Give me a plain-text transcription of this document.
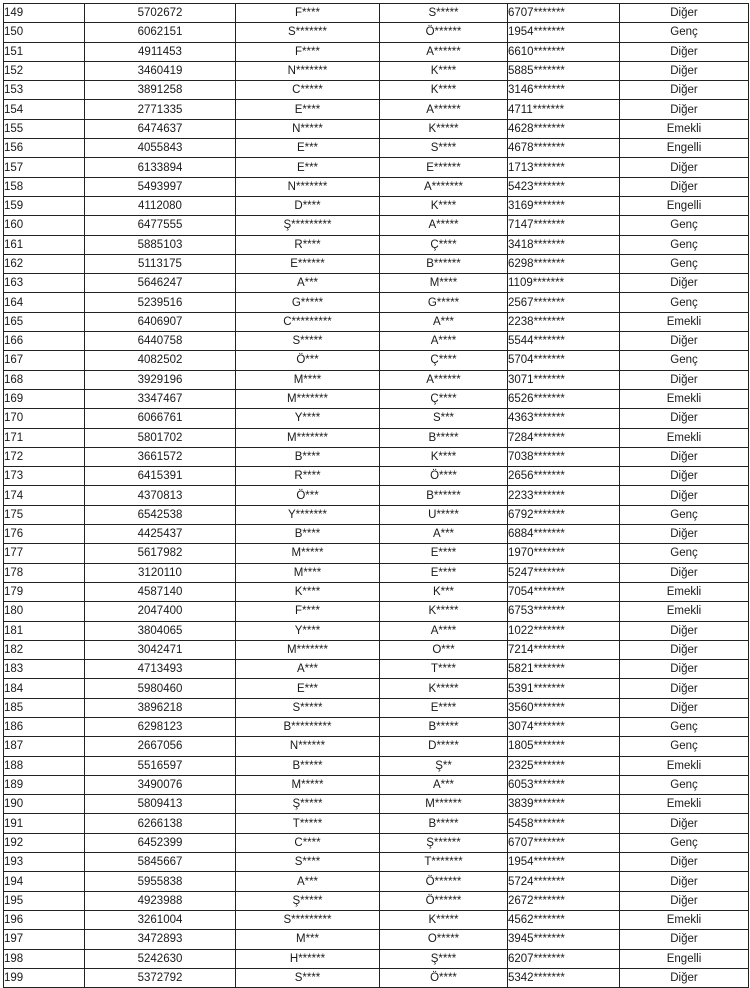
149	5702672	F****	S*****	6707*******	Diğer
150	6062151	S*******	Ö******	1954*******	Genç
151	4911453	F****	A******	6610*******	Diğer
152	3460419	N*******	K****	5885*******	Diğer
153	3891258	C*****	K****	3146*******	Diğer
154	2771335	E****	A******	4711*******	Diğer
155	6474637	N*****	K*****	4628*******	Emekli
156	4055843	E***	S****	4678*******	Engelli
157	6133894	E***	E******	1713*******	Diğer
158	5493997	N*******	A*******	5423*******	Diğer
159	4112080	D****	K****	3169*******	Engelli
160	6477555	Ş*********	A*****	7147*******	Genç
161	5885103	R****	Ç****	3418*******	Genç
162	5113175	E******	B******	6298*******	Genç
163	5646247	A***	M****	1109*******	Diğer
164	5239516	G*****	G*****	2567*******	Genç
165	6406907	C*********	A***	2238*******	Emekli
166	6440758	S*****	A****	5544*******	Diğer
167	4082502	Ö***	Ç****	5704*******	Genç
168	3929196	M****	A******	3071*******	Diğer
169	3347467	M*******	Ç****	6526*******	Emekli
170	6066761	Y****	S***	4363*******	Diğer
171	5801702	M*******	B*****	7284*******	Emekli
172	3661572	B****	K****	7038*******	Diğer
173	6415391	R****	Ö****	2656*******	Diğer
174	4370813	Ö***	B******	2233*******	Diğer
175	6542538	Y*******	U*****	6792*******	Genç
176	4425437	B****	A***	6884*******	Diğer
177	5617982	M*****	E****	1970*******	Genç
178	3120110	M****	E****	5247*******	Diğer
179	4587140	K****	K***	7054*******	Emekli
180	2047400	F****	K*****	6753*******	Emekli
181	3804065	Y****	A****	1022*******	Diğer
182	3042471	M*******	O***	7214*******	Diğer
183	4713493	A***	T****	5821*******	Diğer
184	5980460	E***	K*****	5391*******	Diğer
185	3896218	S*****	E****	3560*******	Diğer
186	6298123	B*********	B*****	3074*******	Genç
187	2667056	N******	D*****	1805*******	Genç
188	5516597	B*****	Ş**	2325*******	Emekli
189	3490076	M*****	A***	6053*******	Genç
190	5809413	Ş*****	M******	3839*******	Emekli
191	6266138	T*****	B*****	5458*******	Diğer
192	6452399	C****	Ş******	6707*******	Genç
193	5845667	S****	T*******	1954*******	Diğer
194	5955838	A***	Ö******	5724*******	Diğer
195	4923988	Ş*****	Ö******	2672*******	Diğer
196	3261004	S*********	K*****	4562*******	Emekli
197	3472893	M***	O*****	3945*******	Diğer
198	5242630	H******	Ş****	6207*******	Engelli
199	5372792	S****	Ö****	5342*******	Diğer
